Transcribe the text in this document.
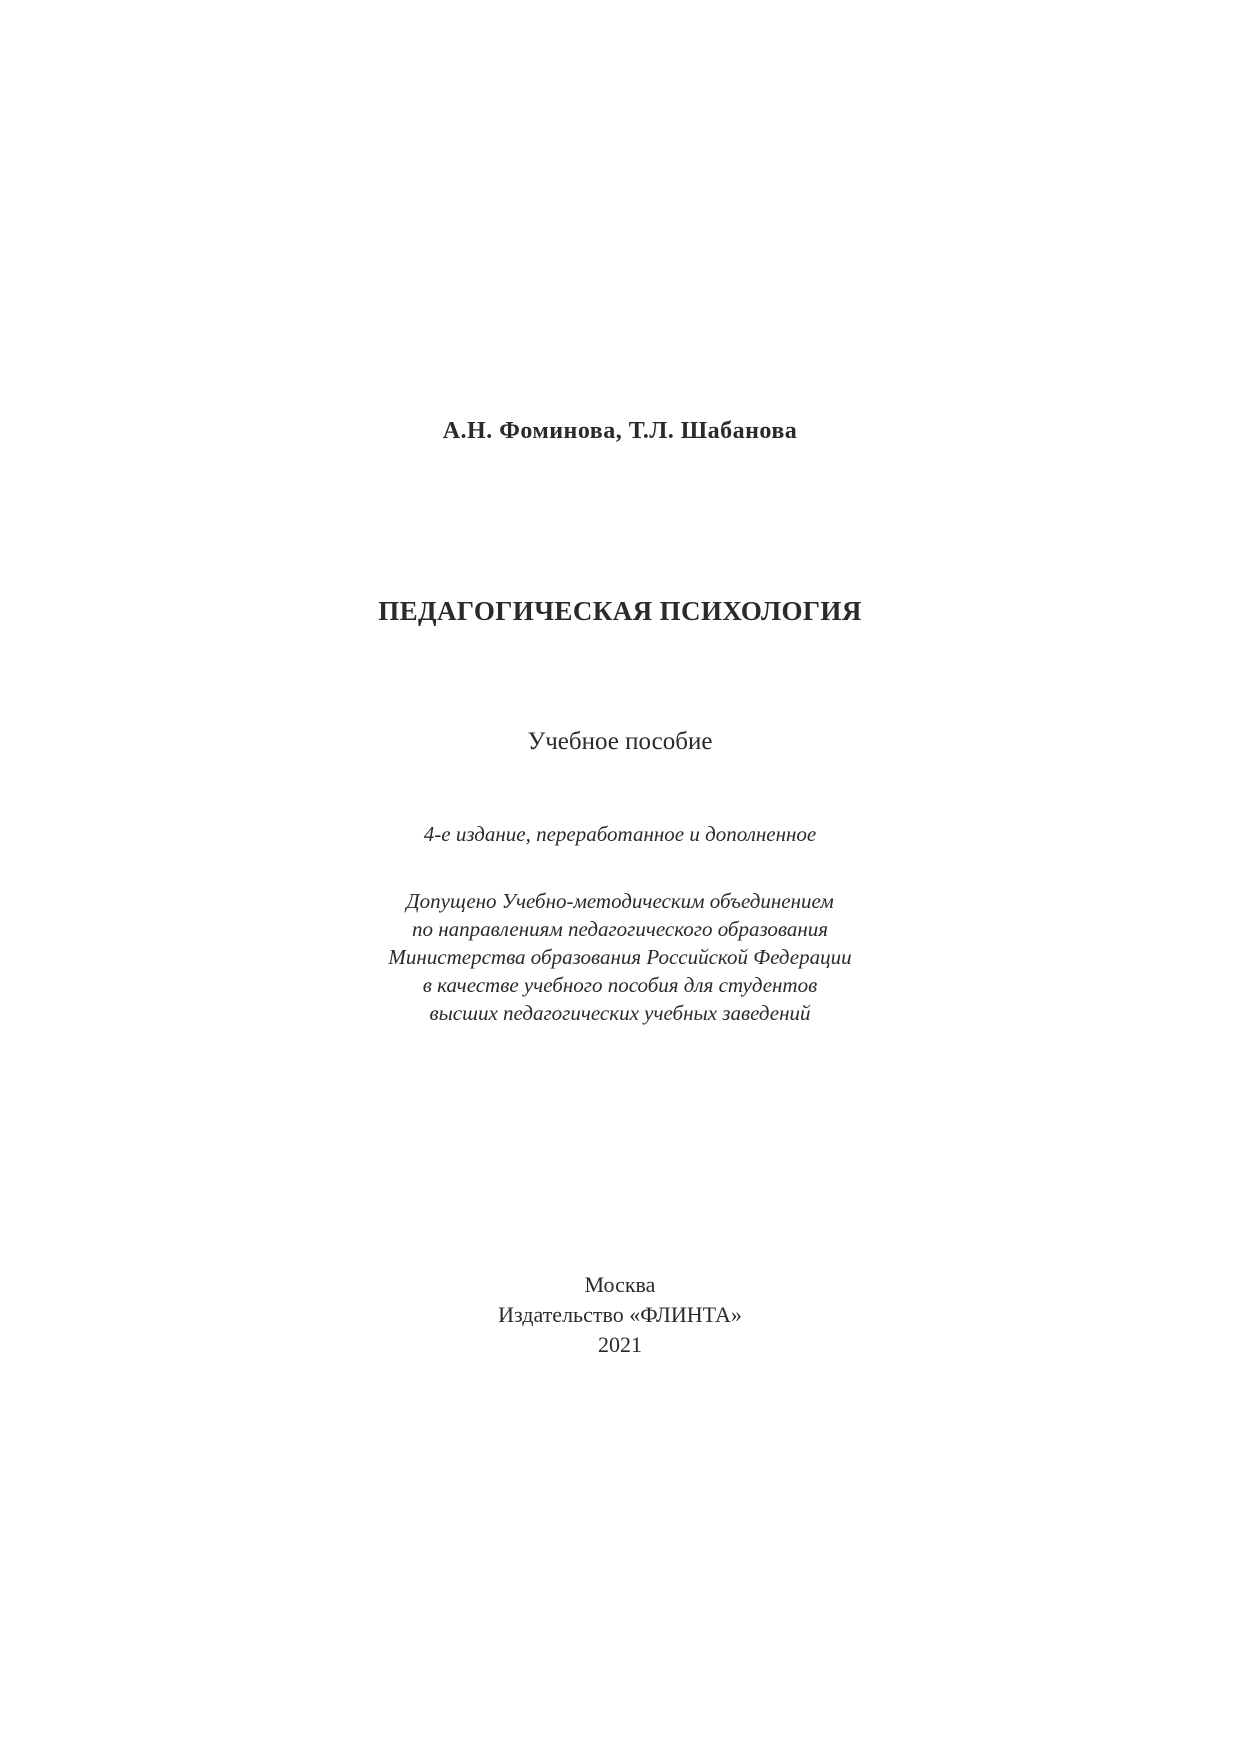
А.Н. Фоминова, Т.Л. Шабанова
ПЕДАГОГИЧЕСКАЯ ПСИХОЛОГИЯ
Учебное пособие
4-е издание, переработанное и дополненное
Допущено Учебно-методическим объединением
по направлениям педагогического образования
Министерства образования Российской Федерации
в качестве учебного пособия для студентов
высших педагогических учебных заведений
Москва
Издательство «ФЛИНТА»
2021
